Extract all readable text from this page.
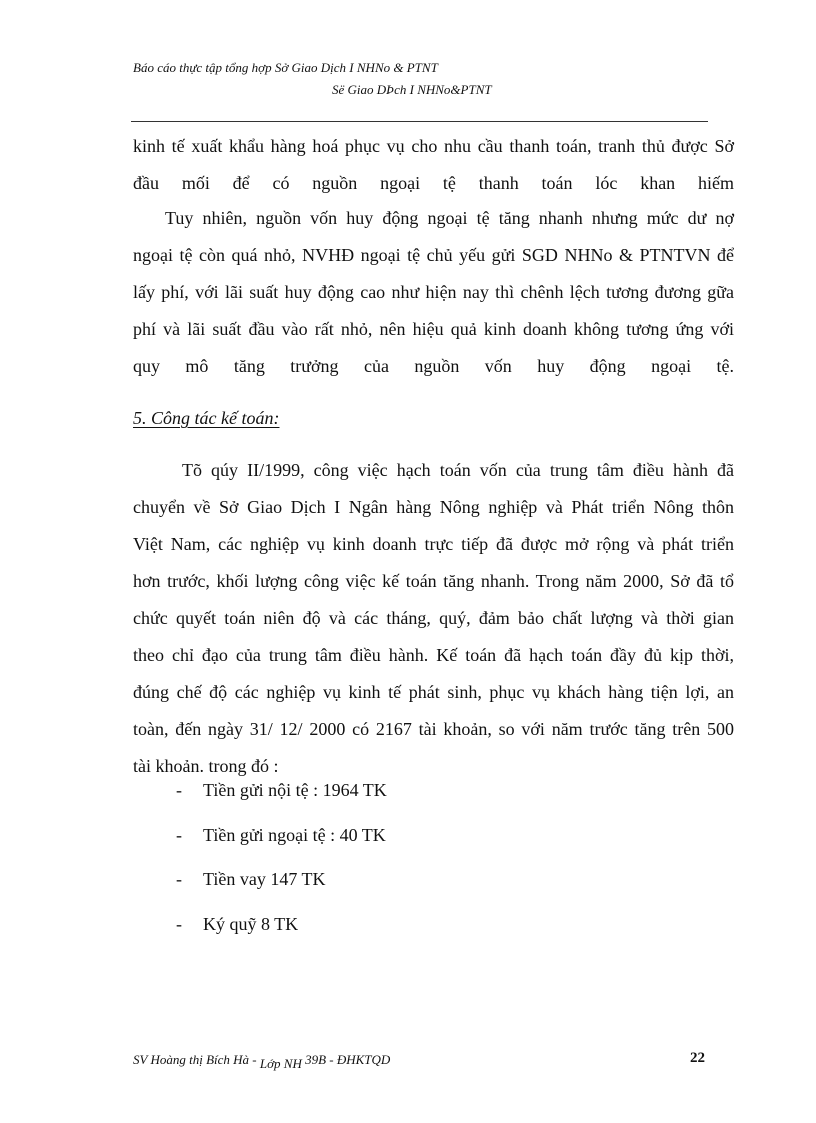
Báo cáo thực tập tổng hợp Sở Giao Dịch I NHNo & PTNT
Së Giao DÞch I NHNo&PTNT
kinh tế xuất khẩu hàng hoá phục vụ cho nhu cầu thanh toán, tranh thủ được Sở
đầu mối để có nguồn ngoại tệ thanh toán lóc khan hiếm
Tuy nhiên, nguồn vốn huy động ngoại tệ tăng nhanh nhưng mức dư nợ
ngoại tệ còn quá nhỏ, NVHĐ ngoại tệ chủ yếu gửi SGD NHNo & PTNTVN để
lấy phí, với lãi suất huy động cao như hiện nay thì chênh lệch tương đương gữa
phí và lãi suất đầu vào rất nhỏ, nên hiệu quả kinh doanh không tương ứng với
quy mô tăng trưởng của nguồn vốn huy động ngoại tệ.
5. Công tác kế toán:
Tõ qúy II/1999, công việc hạch toán vốn của trung tâm điều hành đã
chuyển về Sở Giao Dịch I Ngân hàng Nông nghiệp và Phát triển Nông thôn
Việt Nam, các nghiệp vụ kinh doanh trực tiếp đã được mở rộng và phát triển
hơn trước, khối lượng công việc kế toán tăng nhanh. Trong năm 2000, Sở đã tổ
chức quyết toán niên độ và các tháng, quý, đảm bảo chất lượng và thời gian
theo chỉ đạo của trung tâm điều hành. Kế toán đã hạch toán đầy đủ kịp thời,
đúng chế độ các nghiệp vụ kinh tế phát sinh, phục vụ khách hàng tiện lợi, an
toàn, đến ngày 31/ 12/ 2000 có 2167 tài khoản, so với năm trước tăng trên 500
tài khoản. trong đó :
- Tiền gửi nội tệ : 1964 TK
- Tiền gửi ngoại tệ : 40 TK
- Tiền vay 147 TK
- Ký quỹ 8 TK
SV Hoàng thị Bích Hà - Lớp NH 39B - ĐHKTQD	22
